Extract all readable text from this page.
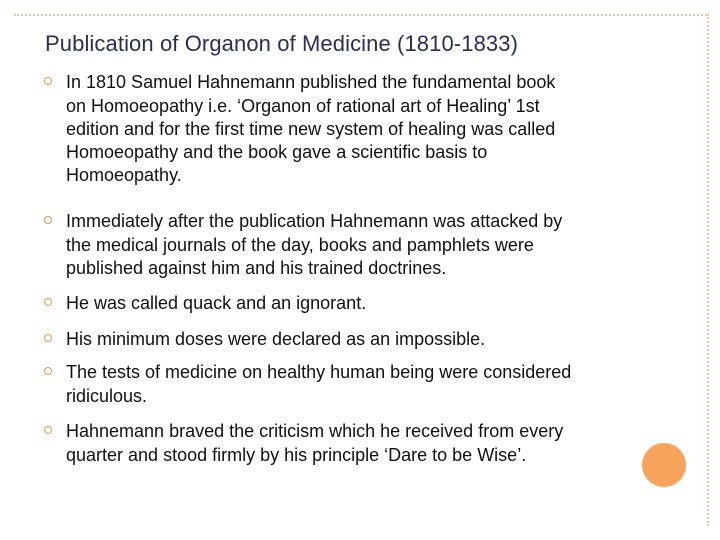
Publication of Organon of Medicine (1810-1833)

In 1810 Samuel Hahnemann published the fundamental book

on Homoeopathy i.e. ‘Organon of rational art of Healing’ 1st

edition and for the first time new system of healing was called

Homoeopathy and the book gave a scientific basis to

Homoeopathy.

Immediately after the publication Hahnemann was attacked by

the medical journals of the day, books and pamphlets were

published against him and his trained doctrines.

He was called quack and an ignorant.

His minimum doses were declared as an impossible.

The tests of medicine on healthy human being were considered

ridiculous.

Hahnemann braved the criticism which he received from every

quarter and stood firmly by his principle ‘Dare to be Wise’.
